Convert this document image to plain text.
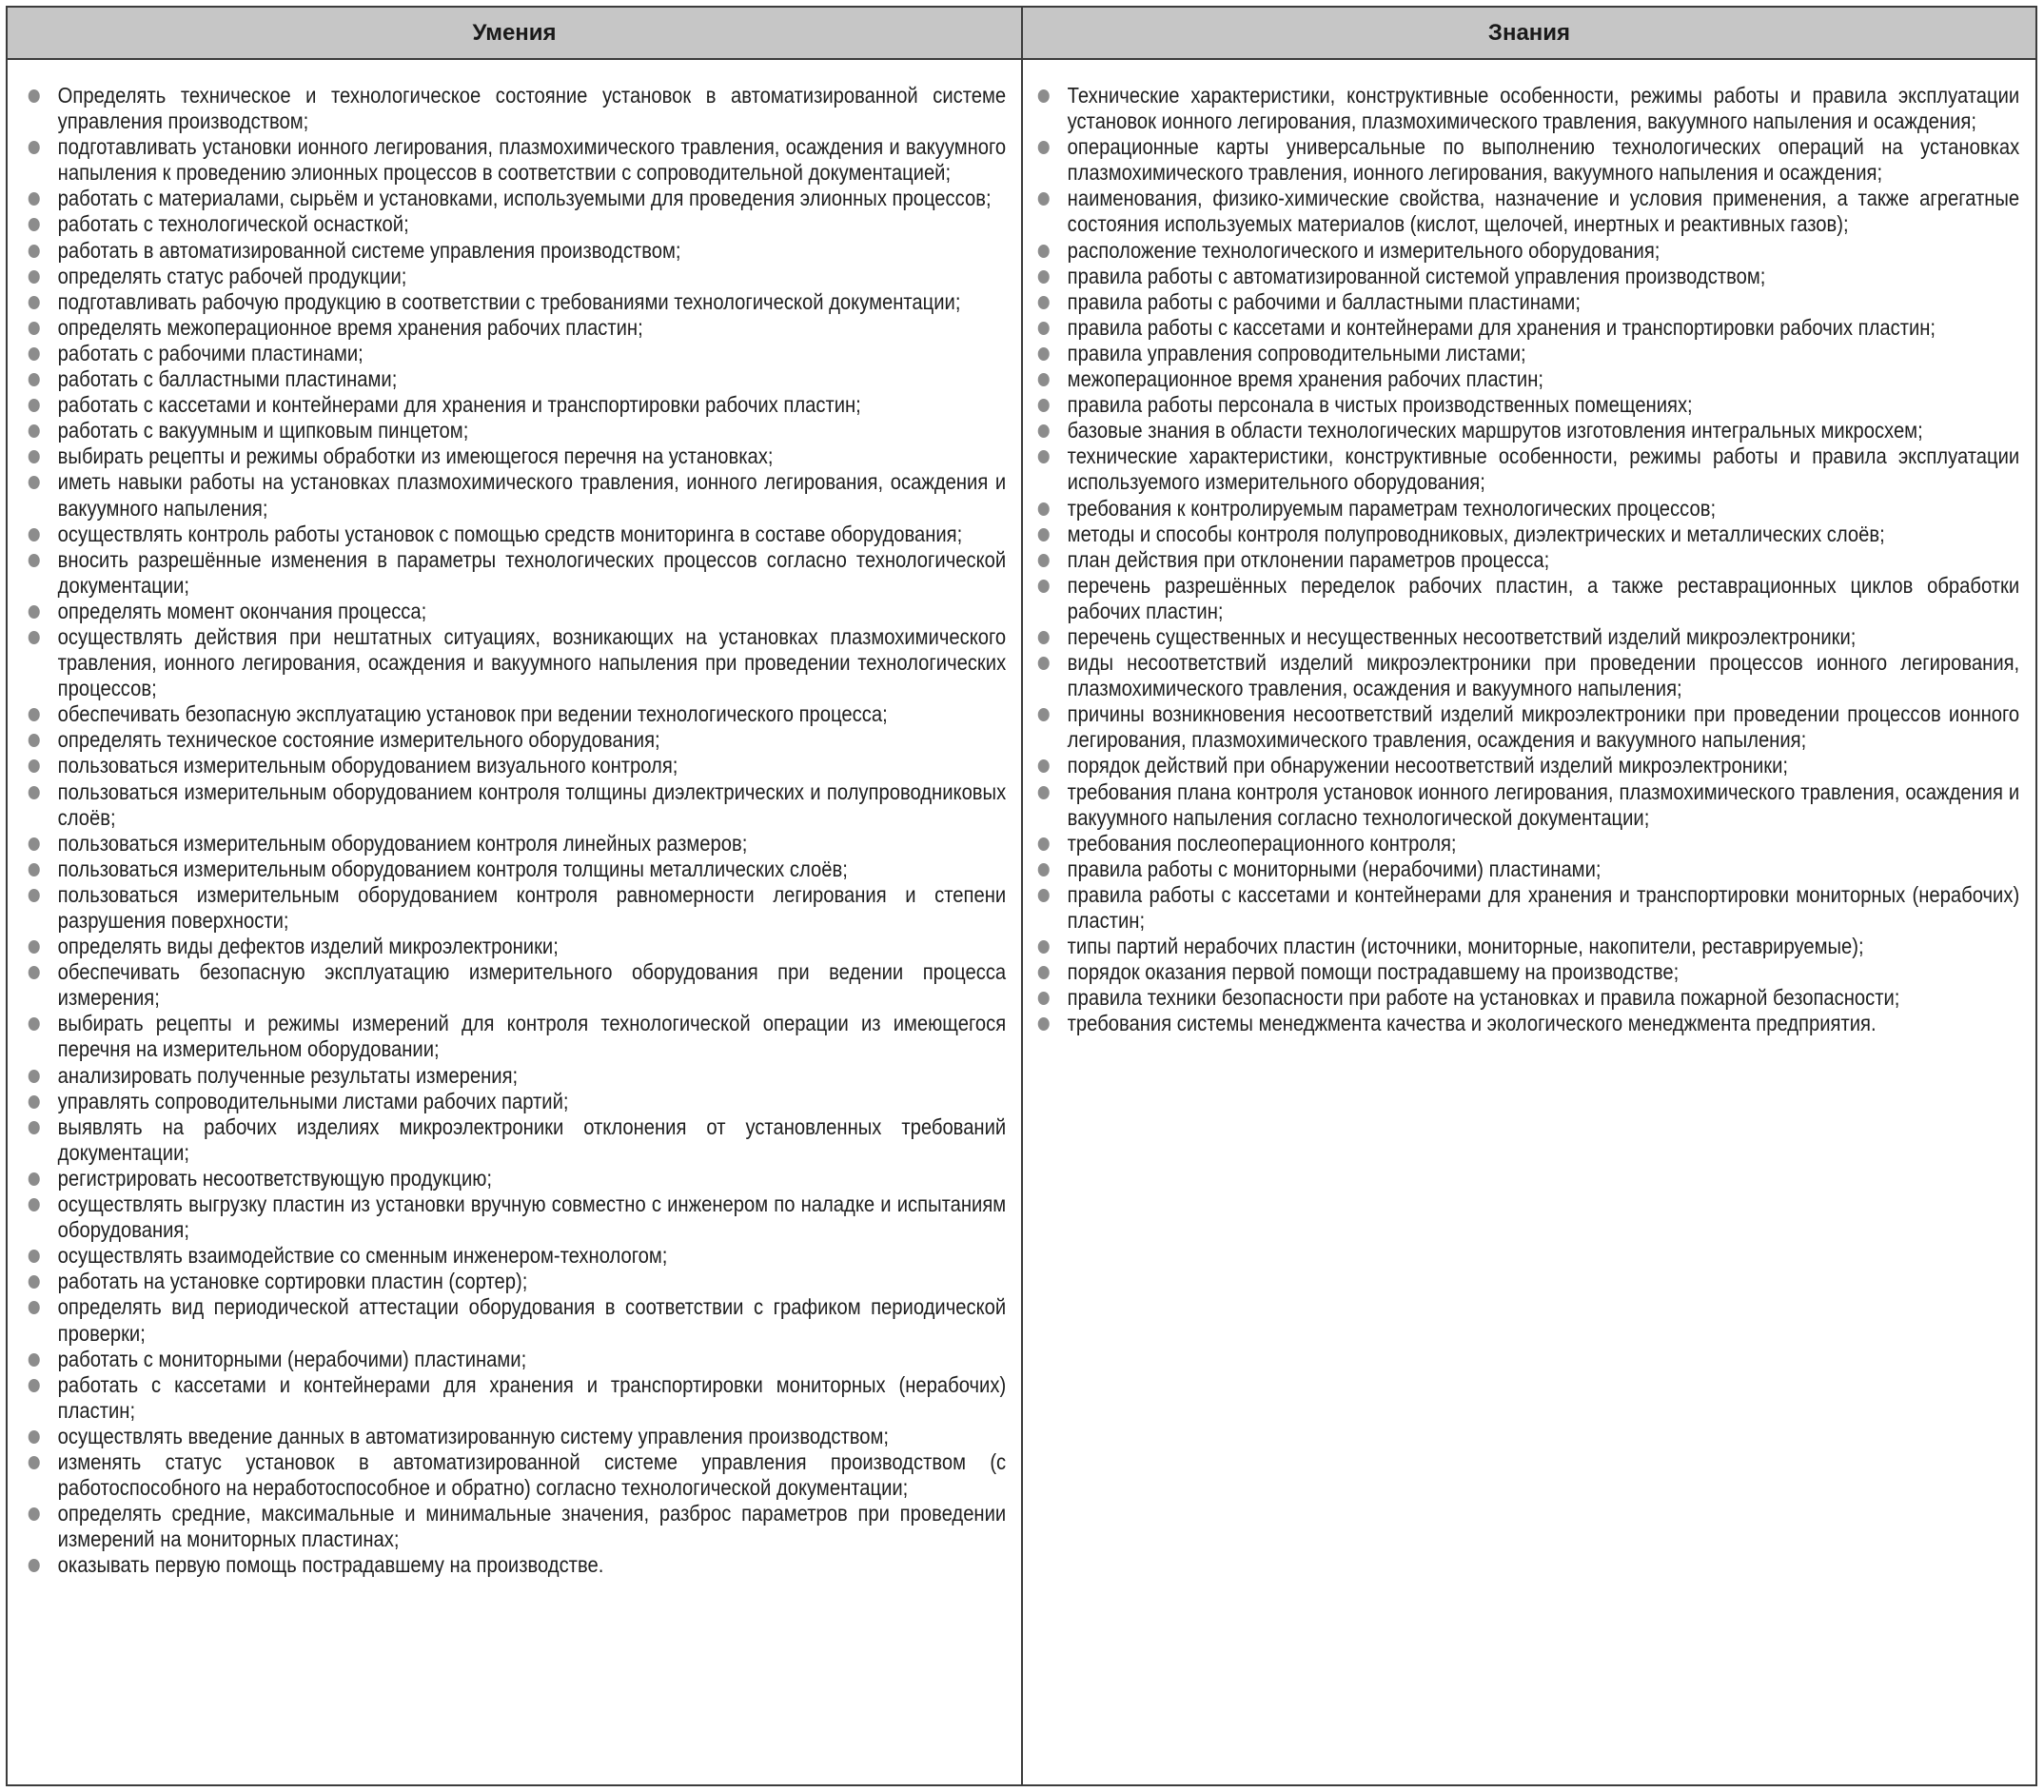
Умения	Знания
Определять техническое и технологическое состояние установок в автоматизированной системе управления производством;
подготавливать установки ионного легирования, плазмохимического травления, осаждения и вакуумного напыления к проведению элионных процессов в соответствии с сопроводительной документацией;
работать с материалами, сырьём и установками, используемыми для проведения элионных процессов;
работать с технологической оснасткой;
работать в автоматизированной системе управления производством;
определять статус рабочей продукции;
подготавливать рабочую продукцию в соответствии с требованиями технологической документации;
определять межоперационное время хранения рабочих пластин;
работать с рабочими пластинами;
работать с балластными пластинами;
работать с кассетами и контейнерами для хранения и транспортировки рабочих пластин;
работать с вакуумным и щипковым пинцетом;
выбирать рецепты и режимы обработки из имеющегося перечня на установках;
иметь навыки работы на установках плазмохимического травления, ионного легирования, осаждения и вакуумного напыления;
осуществлять контроль работы установок с помощью средств мониторинга в составе оборудования;
вносить разрешённые изменения в параметры технологических процессов согласно технологической документации;
определять момент окончания процесса;
осуществлять действия при нештатных ситуациях, возникающих на установках плазмохимического травления, ионного легирования, осаждения и вакуумного напыления при проведении технологических процессов;
обеспечивать безопасную эксплуатацию установок при ведении технологического процесса;
определять техническое состояние измерительного оборудования;
пользоваться измерительным оборудованием визуального контроля;
пользоваться измерительным оборудованием контроля толщины диэлектрических и полупроводниковых слоёв;
пользоваться измерительным оборудованием контроля линейных размеров;
пользоваться измерительным оборудованием контроля толщины металлических слоёв;
пользоваться измерительным оборудованием контроля равномерности легирования и степени разрушения поверхности;
определять виды дефектов изделий микроэлектроники;
обеспечивать безопасную эксплуатацию измерительного оборудования при ведении процесса измерения;
выбирать рецепты и режимы измерений для контроля технологической операции из имеющегося перечня на измерительном оборудовании;
анализировать полученные результаты измерения;
управлять сопроводительными листами рабочих партий;
выявлять на рабочих изделиях микроэлектроники отклонения от установленных требований документации;
регистрировать несоответствующую продукцию;
осуществлять выгрузку пластин из установки вручную совместно с инженером по наладке и испытаниям оборудования;
осуществлять взаимодействие со сменным инженером-технологом;
работать на установке сортировки пластин (сортер);
определять вид периодической аттестации оборудования в соответствии с графиком периодической проверки;
работать с мониторными (нерабочими) пластинами;
работать с кассетами и контейнерами для хранения и транспортировки мониторных (нерабочих) пластин;
осуществлять введение данных в автоматизированную систему управления производством;
изменять статус установок в автоматизированной системе управления производством (с работоспособного на неработоспособное и обратно) согласно технологической документации;
определять средние, максимальные и минимальные значения, разброс параметров при проведении измерений на мониторных пластинах;
оказывать первую помощь пострадавшему на производстве.
Технические характеристики, конструктивные особенности, режимы работы и правила эксплуатации установок ионного легирования, плазмохимического травления, вакуумного напыления и осаждения;
операционные карты универсальные по выполнению технологических операций на установках плазмохимического травления, ионного легирования, вакуумного напыления и осаждения;
наименования, физико-химические свойства, назначение и условия применения, а также агрегатные состояния используемых материалов (кислот, щелочей, инертных и реактивных газов);
расположение технологического и измерительного оборудования;
правила работы с автоматизированной системой управления производством;
правила работы с рабочими и балластными пластинами;
правила работы с кассетами и контейнерами для хранения и транспортировки рабочих пластин;
правила управления сопроводительными листами;
межоперационное время хранения рабочих пластин;
правила работы персонала в чистых производственных помещениях;
базовые знания в области технологических маршрутов изготовления интегральных микросхем;
технические характеристики, конструктивные особенности, режимы работы и правила эксплуатации используемого измерительного оборудования;
требования к контролируемым параметрам технологических процессов;
методы и способы контроля полупроводниковых, диэлектрических и металлических слоёв;
план действия при отклонении параметров процесса;
перечень разрешённых переделок рабочих пластин, а также реставрационных циклов обработки рабочих пластин;
перечень существенных и несущественных несоответствий изделий микроэлектроники;
виды несоответствий изделий микроэлектроники при проведении процессов ионного легирования, плазмохимического травления, осаждения и вакуумного напыления;
причины возникновения несоответствий изделий микроэлектроники при проведении процессов ионного легирования, плазмохимического травления, осаждения и вакуумного напыления;
порядок действий при обнаружении несоответствий изделий микроэлектроники;
требования плана контроля установок ионного легирования, плазмохимического травления, осаждения и вакуумного напыления согласно технологической документации;
требования послеоперационного контроля;
правила работы с мониторными (нерабочими) пластинами;
правила работы с кассетами и контейнерами для хранения и транспортировки мониторных (нерабочих) пластин;
типы партий нерабочих пластин (источники, мониторные, накопители, реставрируемые);
порядок оказания первой помощи пострадавшему на производстве;
правила техники безопасности при работе на установках и правила пожарной безопасности;
требования системы менеджмента качества и экологического менеджмента предприятия.
